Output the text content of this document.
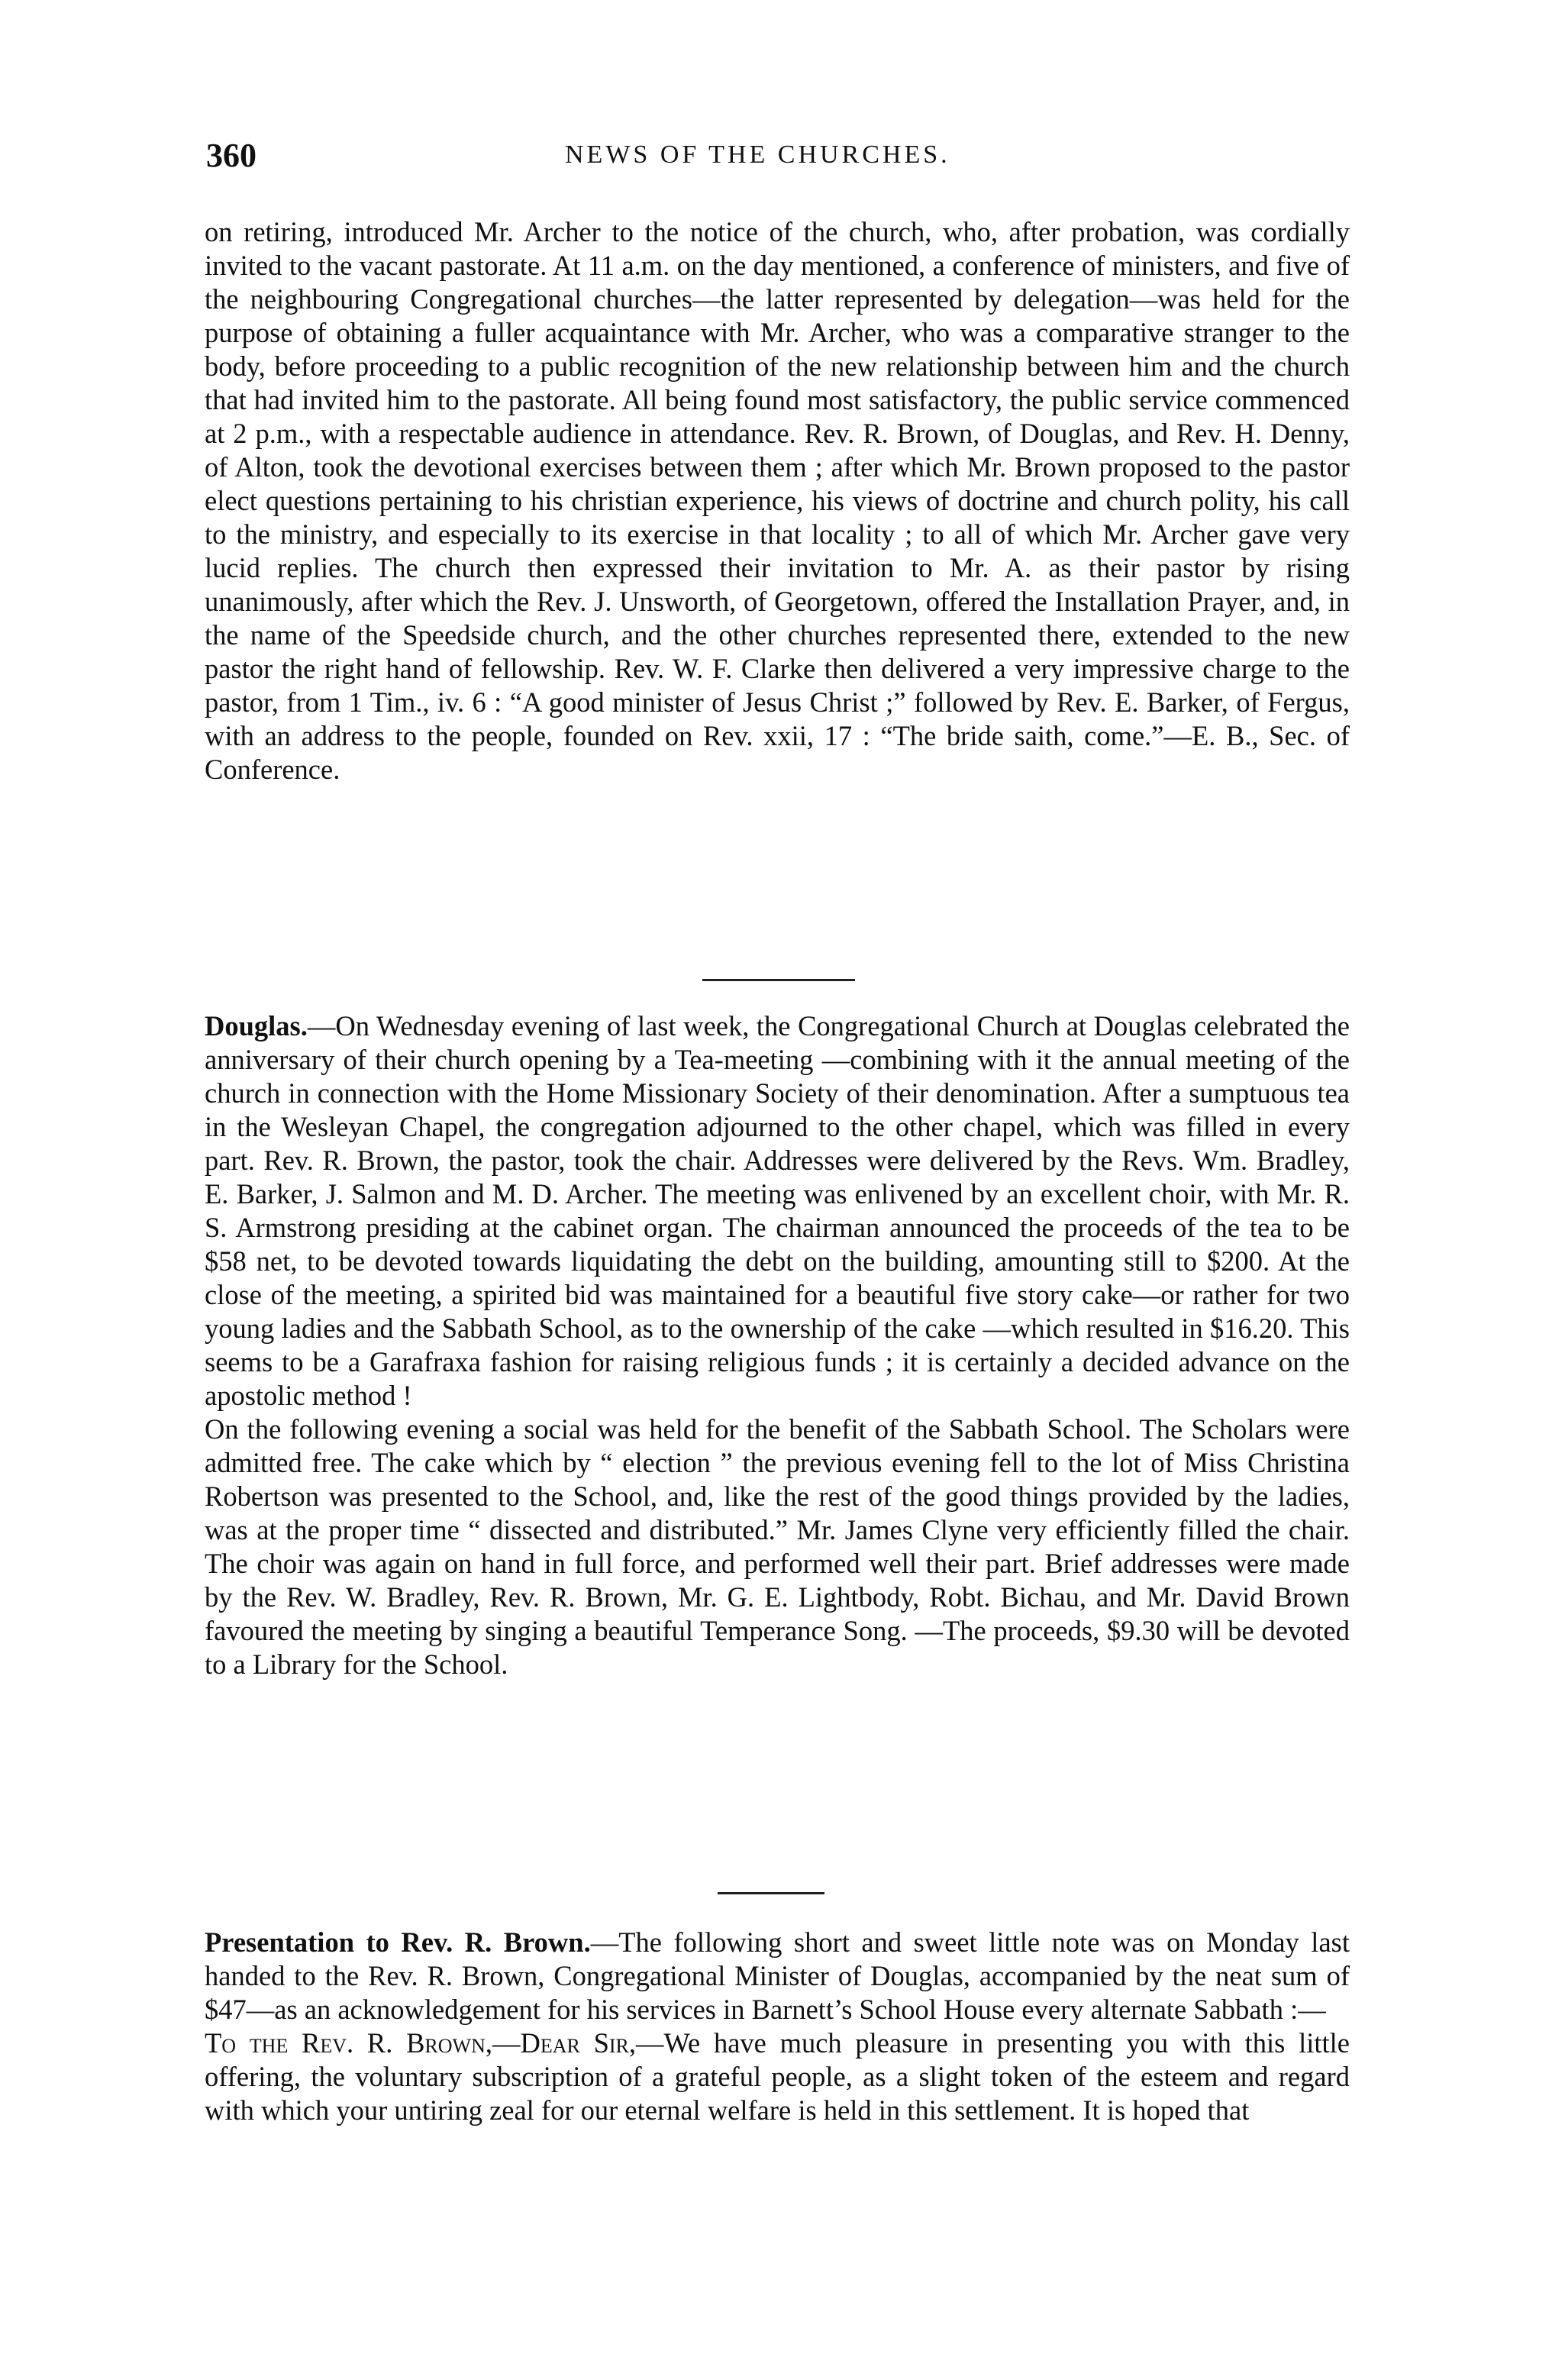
360	NEWS OF THE CHURCHES.

on retiring, introduced Mr. Archer to the notice of the church, who, after probation, was cordially invited to the vacant pastorate. At 11 a.m. on the day mentioned, a conference of ministers, and five of the neighbouring Congregational churches—the latter represented by delegation—was held for the purpose of obtaining a fuller acquaintance with Mr. Archer, who was a comparative stranger to the body, before proceeding to a public recognition of the new relationship between him and the church that had invited him to the pastorate. All being found most satisfactory, the public service commenced at 2 p.m., with a respectable audience in attendance. Rev. R. Brown, of Douglas, and Rev. H. Denny, of Alton, took the devotional exercises between them ; after which Mr. Brown proposed to the pastor elect questions pertaining to his christian experience, his views of doctrine and church polity, his call to the ministry, and especially to its exercise in that locality ; to all of which Mr. Archer gave very lucid replies. The church then expressed their invitation to Mr. A. as their pastor by rising unanimously, after which the Rev. J. Unsworth, of Georgetown, offered the Installation Prayer, and, in the name of the Speedside church, and the other churches represented there, extended to the new pastor the right hand of fellowship. Rev. W. F. Clarke then delivered a very impressive charge to the pastor, from 1 Tim., iv. 6 : “A good minister of Jesus Christ ;” followed by Rev. E. Barker, of Fergus, with an address to the people, founded on Rev. xxii, 17 : “The bride saith, come.”—E. B., Sec. of Conference.

Douglas.—On Wednesday evening of last week, the Congregational Church at Douglas celebrated the anniversary of their church opening by a Tea-meeting —combining with it the annual meeting of the church in connection with the Home Missionary Society of their denomination. After a sumptuous tea in the Wesleyan Chapel, the congregation adjourned to the other chapel, which was filled in every part. Rev. R. Brown, the pastor, took the chair. Addresses were delivered by the Revs. Wm. Bradley, E. Barker, J. Salmon and M. D. Archer. The meeting was enlivened by an excellent choir, with Mr. R. S. Armstrong presiding at the cabinet organ. The chairman announced the proceeds of the tea to be $58 net, to be devoted towards liquidating the debt on the building, amounting still to $200. At the close of the meeting, a spirited bid was maintained for a beautiful five story cake—or rather for two young ladies and the Sabbath School, as to the ownership of the cake —which resulted in $16.20. This seems to be a Garafraxa fashion for raising religious funds ; it is certainly a decided advance on the apostolic method !

On the following evening a social was held for the benefit of the Sabbath School. The Scholars were admitted free. The cake which by “ election ” the previous evening fell to the lot of Miss Christina Robertson was presented to the School, and, like the rest of the good things provided by the ladies, was at the proper time “ dissected and distributed.” Mr. James Clyne very efficiently filled the chair. The choir was again on hand in full force, and performed well their part. Brief addresses were made by the Rev. W. Bradley, Rev. R. Brown, Mr. G. E. Lightbody, Robt. Bichau, and Mr. David Brown favoured the meeting by singing a beautiful Temperance Song. —The proceeds, $9.30 will be devoted to a Library for the School.

Presentation to Rev. R. Brown.—The following short and sweet little note was on Monday last handed to the Rev. R. Brown, Congregational Minister of Douglas, accompanied by the neat sum of $47—as an acknowledgement for his services in Barnett’s School House every alternate Sabbath :—

To the Rev. R. Brown,—Dear Sir,—We have much pleasure in presenting you with this little offering, the voluntary subscription of a grateful people, as a slight token of the esteem and regard with which your untiring zeal for our eternal welfare is held in this settlement. It is hoped that
